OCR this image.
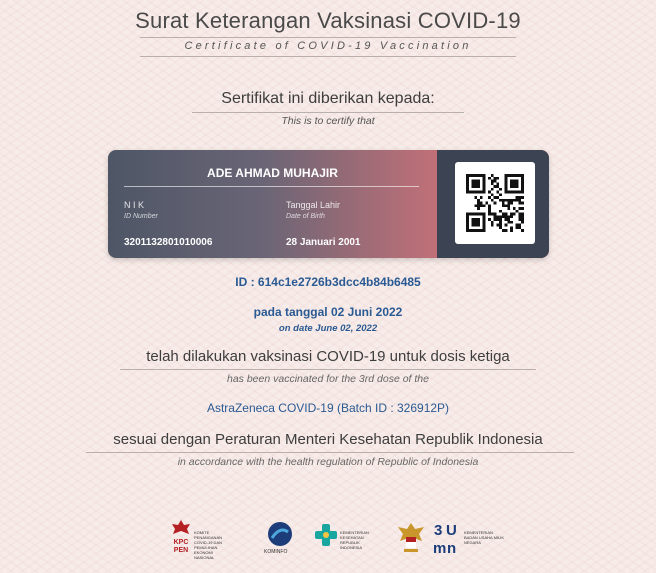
Surat Keterangan Vaksinasi COVID-19
Certificate of COVID-19 Vaccination
Sertifikat ini diberikan kepada:
This is to certify that
ADE AHMAD MUHAJIR
N I K
ID Number
3201132801010006
Tanggal Lahir
Date of Birth
28 Januari 2001
ID : 614c1e2726b3dcc4b84b6485
pada tanggal 02 Juni 2022
on date June 02, 2022
telah dilakukan vaksinasi COVID-19 untuk dosis ketiga
has been vaccinated for the 3rd dose of the
AstraZeneca COVID-19 (Batch ID : 326912P)
sesuai dengan Peraturan Menteri Kesehatan Republik Indonesia
in accordance with the health regulation of Republic of Indonesia
KPC
PEN
KOMITE PENANGANAN COVID-19 DAN PEMULIHAN EKONOMI NASIONAL
KOMINFO
KEMENTERIAN KESEHATAN REPUBLIK INDONESIA
3 U
m n
KEMENTERIAN BADAN USAHA MILIK NEGARA
